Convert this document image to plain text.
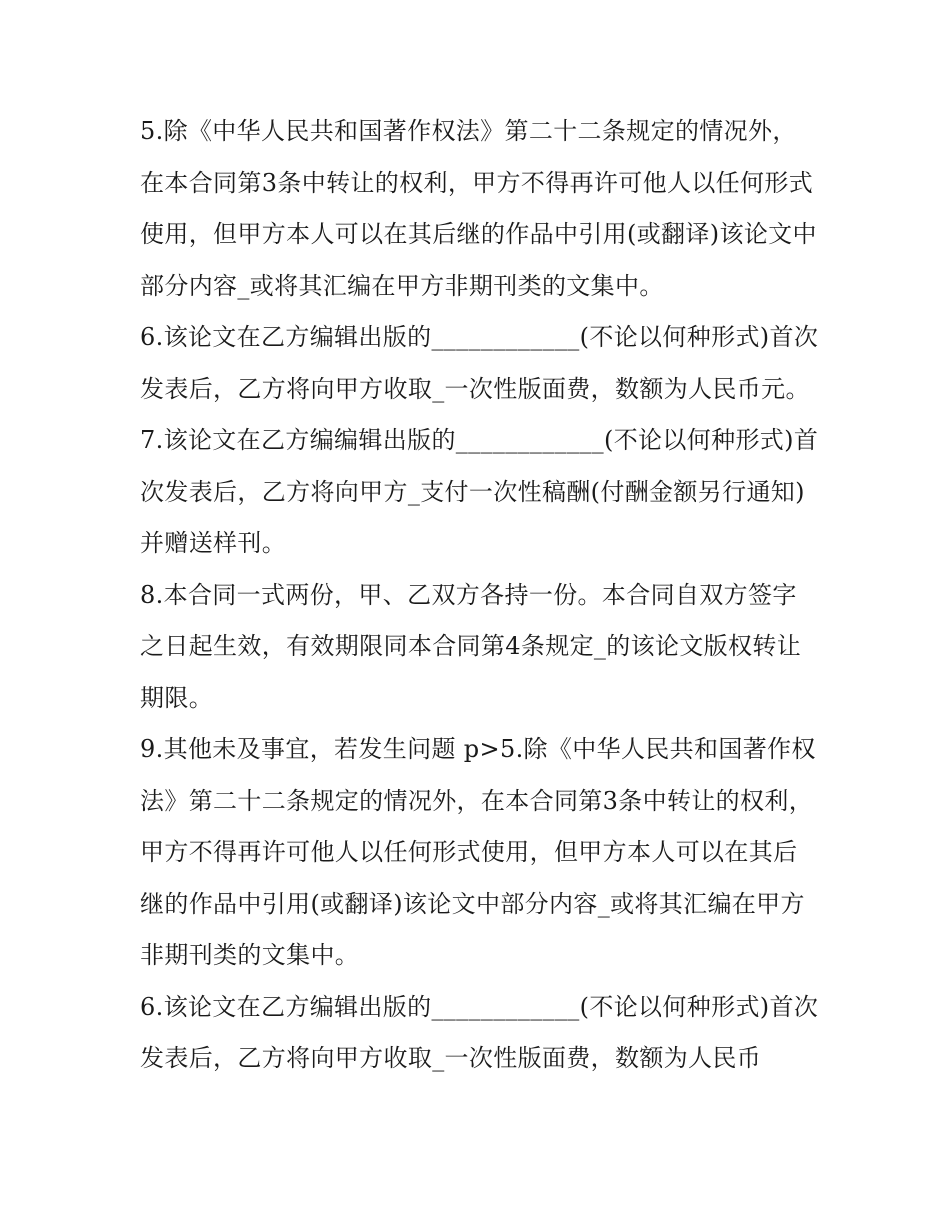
5.除《中华人民共和国著作权法》第二十二条规定的情况外，在本合同第3条中转让的权利，甲方不得再许可他人以任何形式使用，但甲方本人可以在其后继的作品中引用(或翻译)该论文中部分内容_或将其汇编在甲方非期刊类的文集中。

6.该论文在乙方编辑出版的____________(不论以何种形式)首次发表后，乙方将向甲方收取_一次性版面费，数额为人民币元。

7.该论文在乙方编编辑出版的____________(不论以何种形式)首次发表后，乙方将向甲方_支付一次性稿酬(付酬金额另行通知)并赠送样刊。

8.本合同一式两份，甲、乙双方各持一份。本合同自双方签字之日起生效，有效期限同本合同第4条规定_的该论文版权转让期限。

9.其他未及事宜，若发生问题 p>5.除《中华人民共和国著作权法》第二十二条规定的情况外，在本合同第3条中转让的权利，甲方不得再许可他人以任何形式使用，但甲方本人可以在其后继的作品中引用(或翻译)该论文中部分内容_或将其汇编在甲方非期刊类的文集中。

6.该论文在乙方编辑出版的____________(不论以何种形式)首次发表后，乙方将向甲方收取_一次性版面费，数额为人民币
